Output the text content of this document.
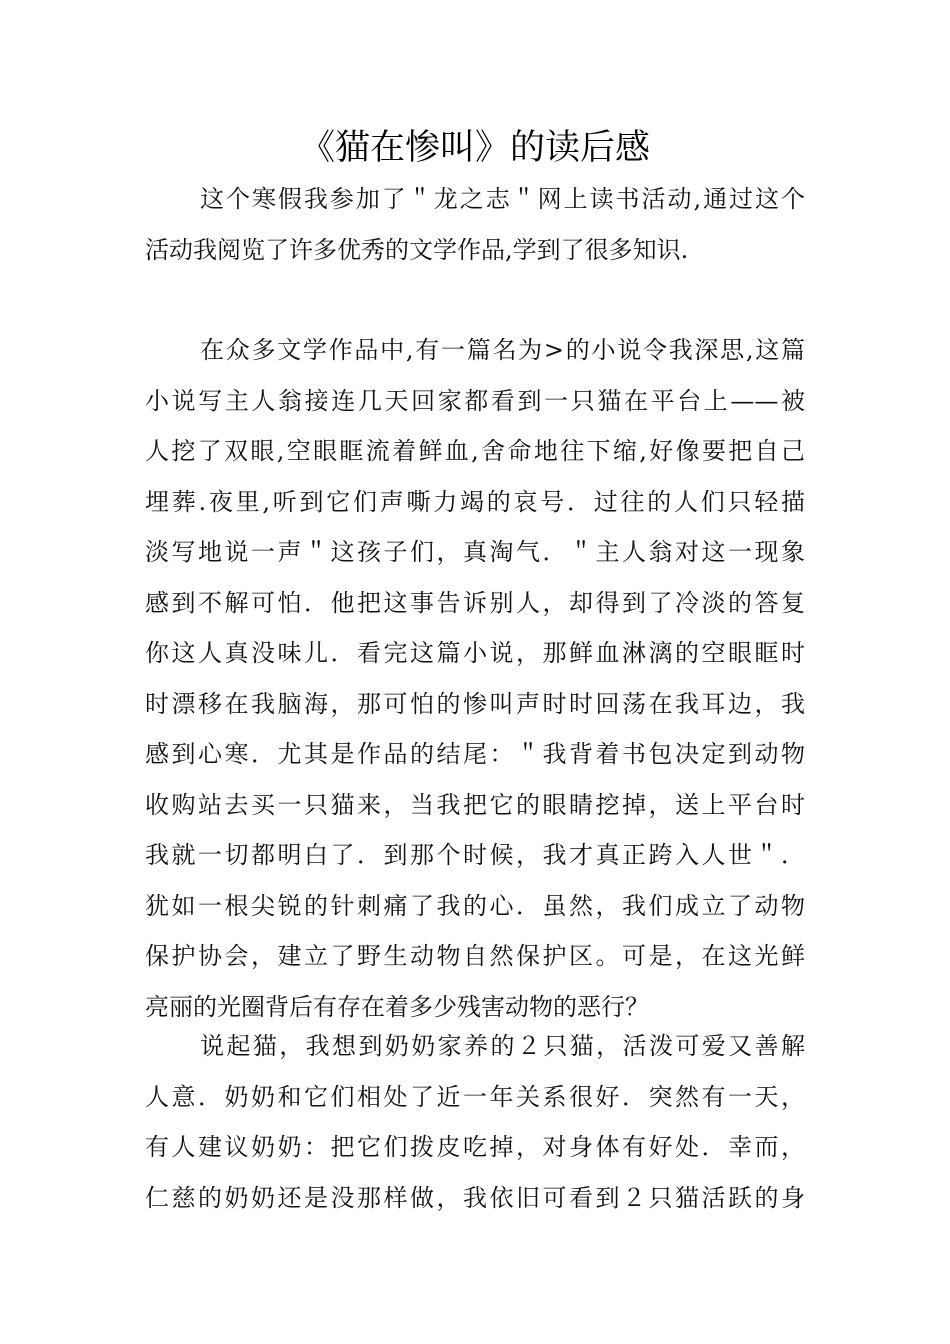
《猫在惨叫》的读后感
这个寒假我参加了＂龙之志＂网上读书活动,通过这个
活动我阅览了许多优秀的文学作品,学到了很多知识.
在众多文学作品中,有一篇名为>的小说令我深思,这篇
小说写主人翁接连几天回家都看到一只猫在平台上——被
人挖了双眼,空眼眶流着鲜血,舍命地往下缩,好像要把自己
埋葬.夜里,听到它们声嘶力竭的哀号．过往的人们只轻描
淡写地说一声＂这孩子们，真淘气．＂主人翁对这一现象
感到不解可怕．他把这事告诉别人，却得到了冷淡的答复
你这人真没味儿．看完这篇小说，那鲜血淋漓的空眼眶时
时漂移在我脑海，那可怕的惨叫声时时回荡在我耳边，我
感到心寒．尤其是作品的结尾：＂我背着书包决定到动物
收购站去买一只猫来，当我把它的眼睛挖掉，送上平台时
我就一切都明白了．到那个时候，我才真正跨入人世＂．
犹如一根尖锐的针刺痛了我的心．虽然，我们成立了动物
保护协会，建立了野生动物自然保护区。可是，在这光鲜
亮丽的光圈背后有存在着多少残害动物的恶行？
说起猫，我想到奶奶家养的２只猫，活泼可爱又善解
人意．奶奶和它们相处了近一年关系很好．突然有一天，
有人建议奶奶：把它们拨皮吃掉，对身体有好处．幸而，
仁慈的奶奶还是没那样做，我依旧可看到２只猫活跃的身
